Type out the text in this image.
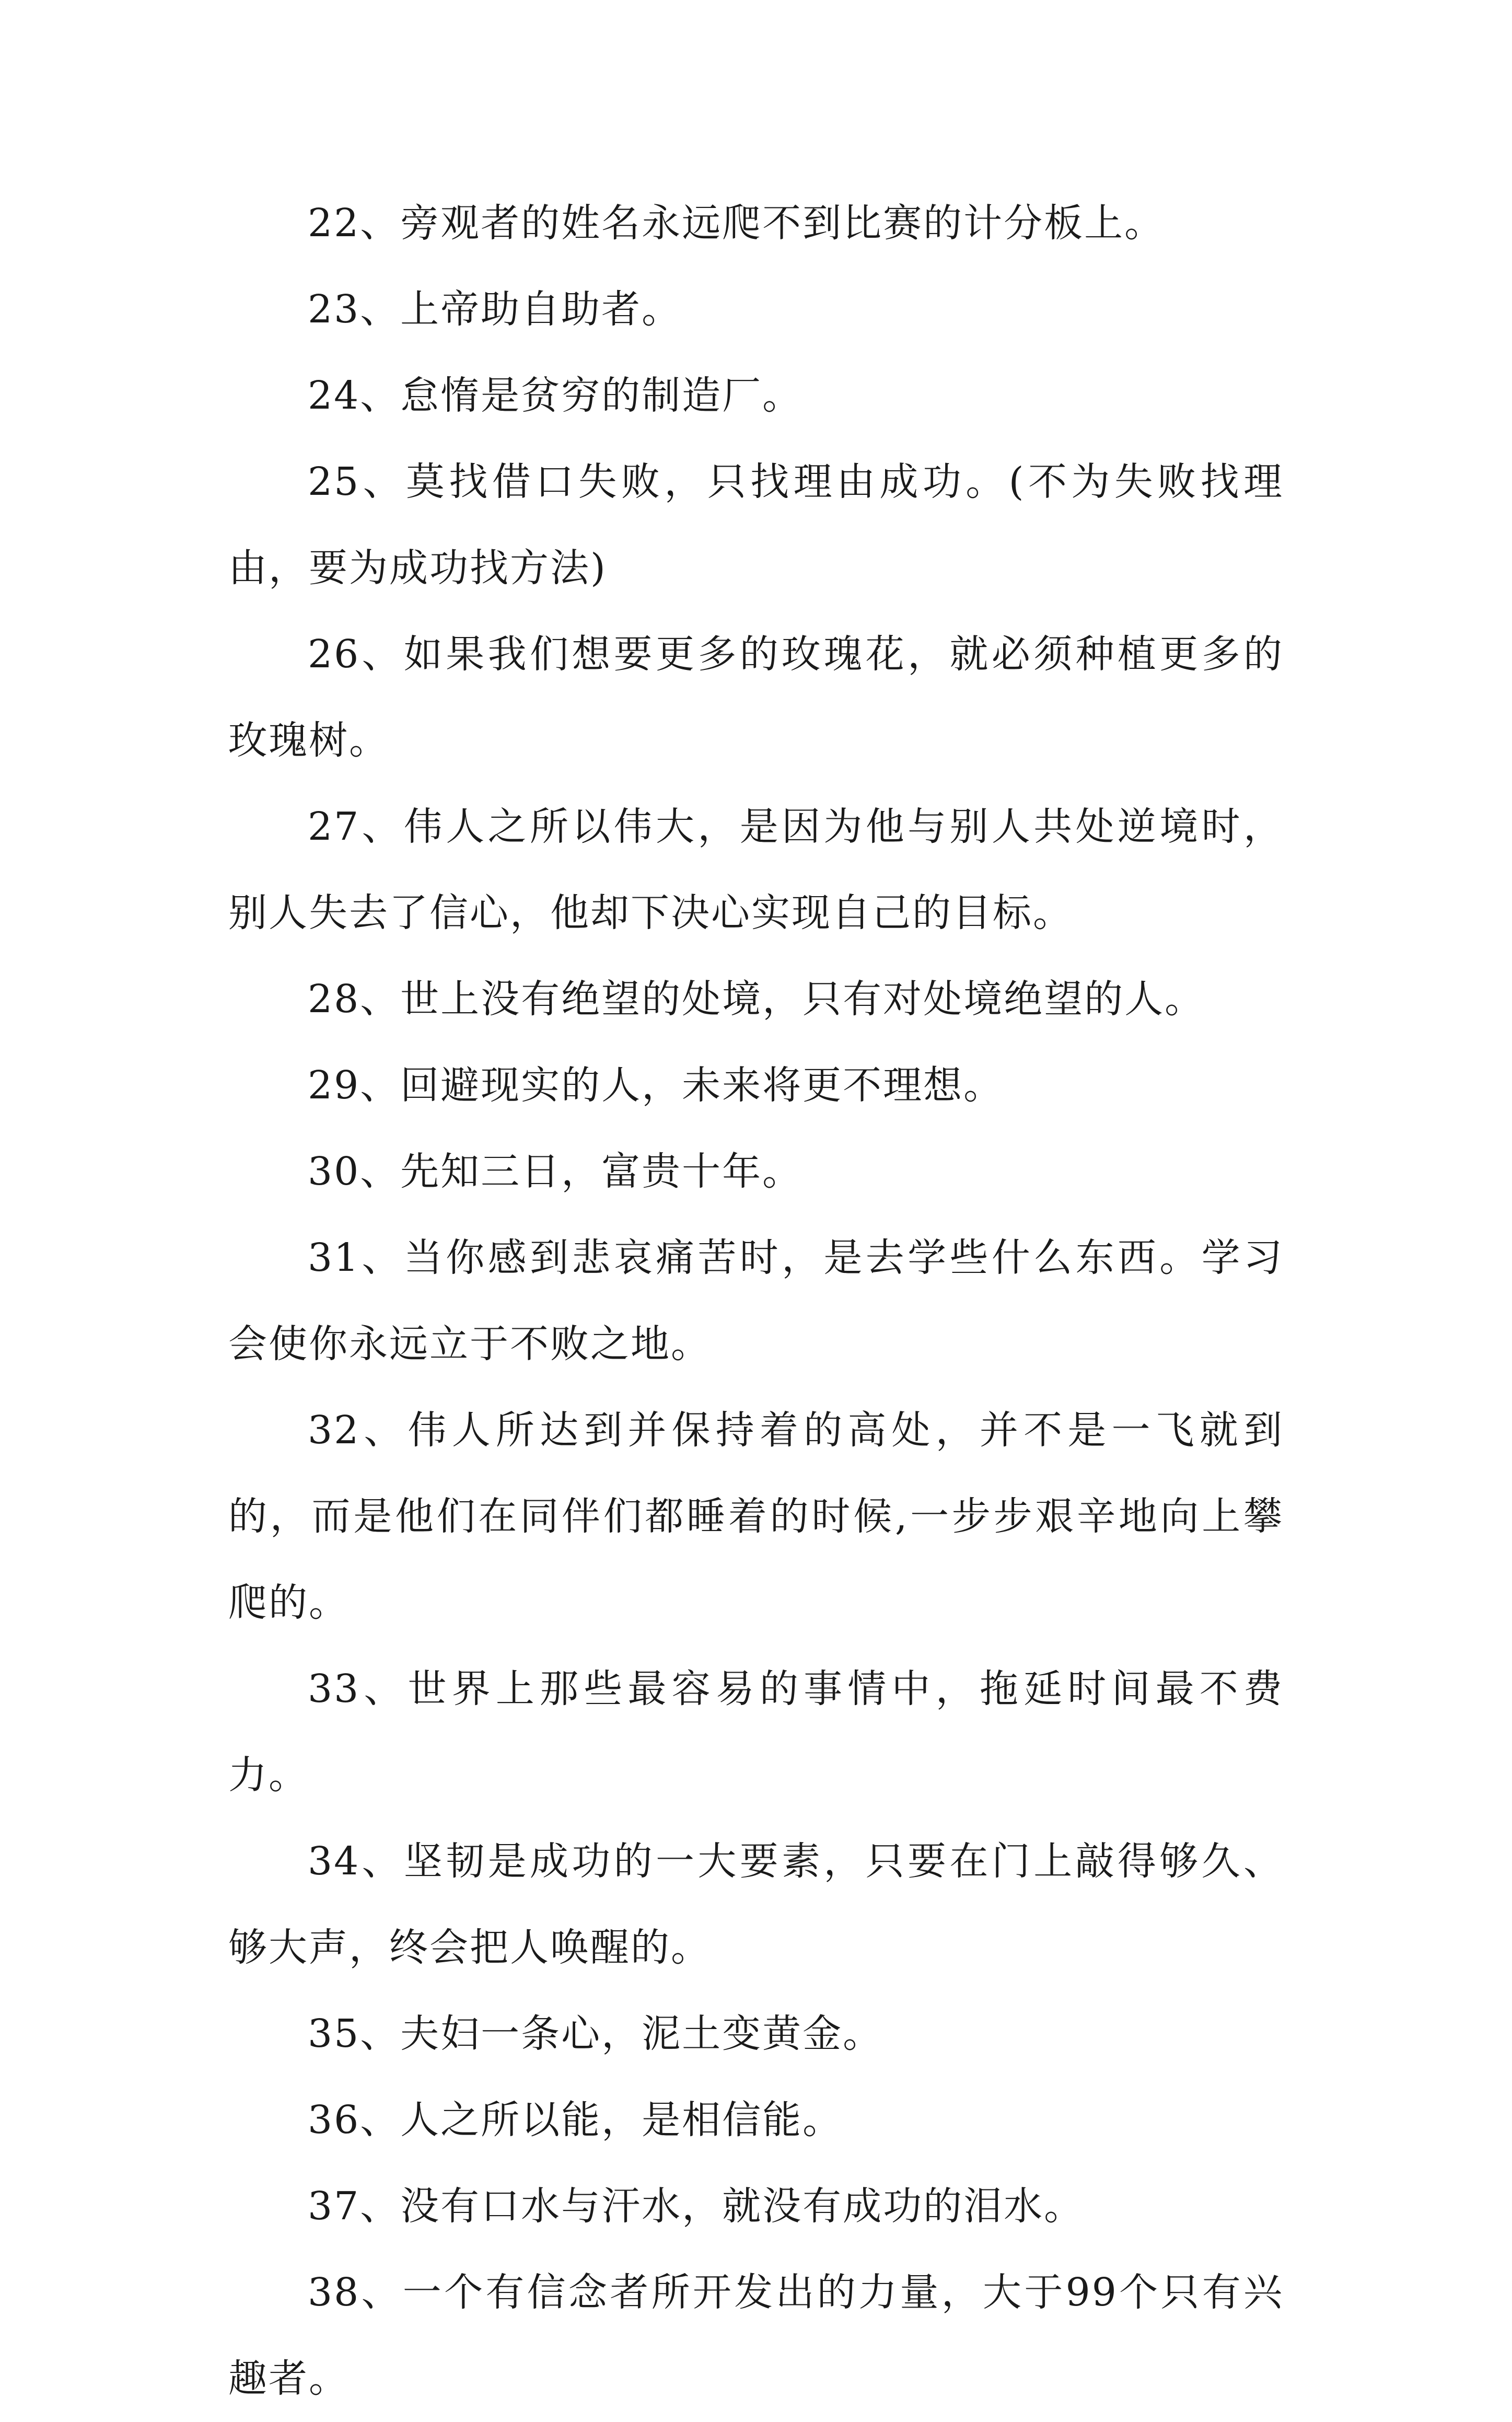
22、旁观者的姓名永远爬不到比赛的计分板上。

23、上帝助自助者。

24、怠惰是贫穷的制造厂。

25、莫找借口失败，只找理由成功。(不为失败找理由，要为成功找方法)

26、如果我们想要更多的玫瑰花，就必须种植更多的玫瑰树。

27、伟人之所以伟大，是因为他与别人共处逆境时，别人失去了信心，他却下决心实现自己的目标。

28、世上没有绝望的处境，只有对处境绝望的人。

29、回避现实的人，未来将更不理想。

30、先知三日，富贵十年。

31、当你感到悲哀痛苦时，是去学些什么东西。学习会使你永远立于不败之地。

32、伟人所达到并保持着的高处，并不是一飞就到的，而是他们在同伴们都睡着的时候,一步步艰辛地向上攀爬的。

33、世界上那些最容易的事情中，拖延时间最不费力。

34、坚韧是成功的一大要素，只要在门上敲得够久、够大声，终会把人唤醒的。

35、夫妇一条心，泥土变黄金。

36、人之所以能，是相信能。

37、没有口水与汗水，就没有成功的泪水。

38、一个有信念者所开发出的力量，大于99个只有兴趣者。
